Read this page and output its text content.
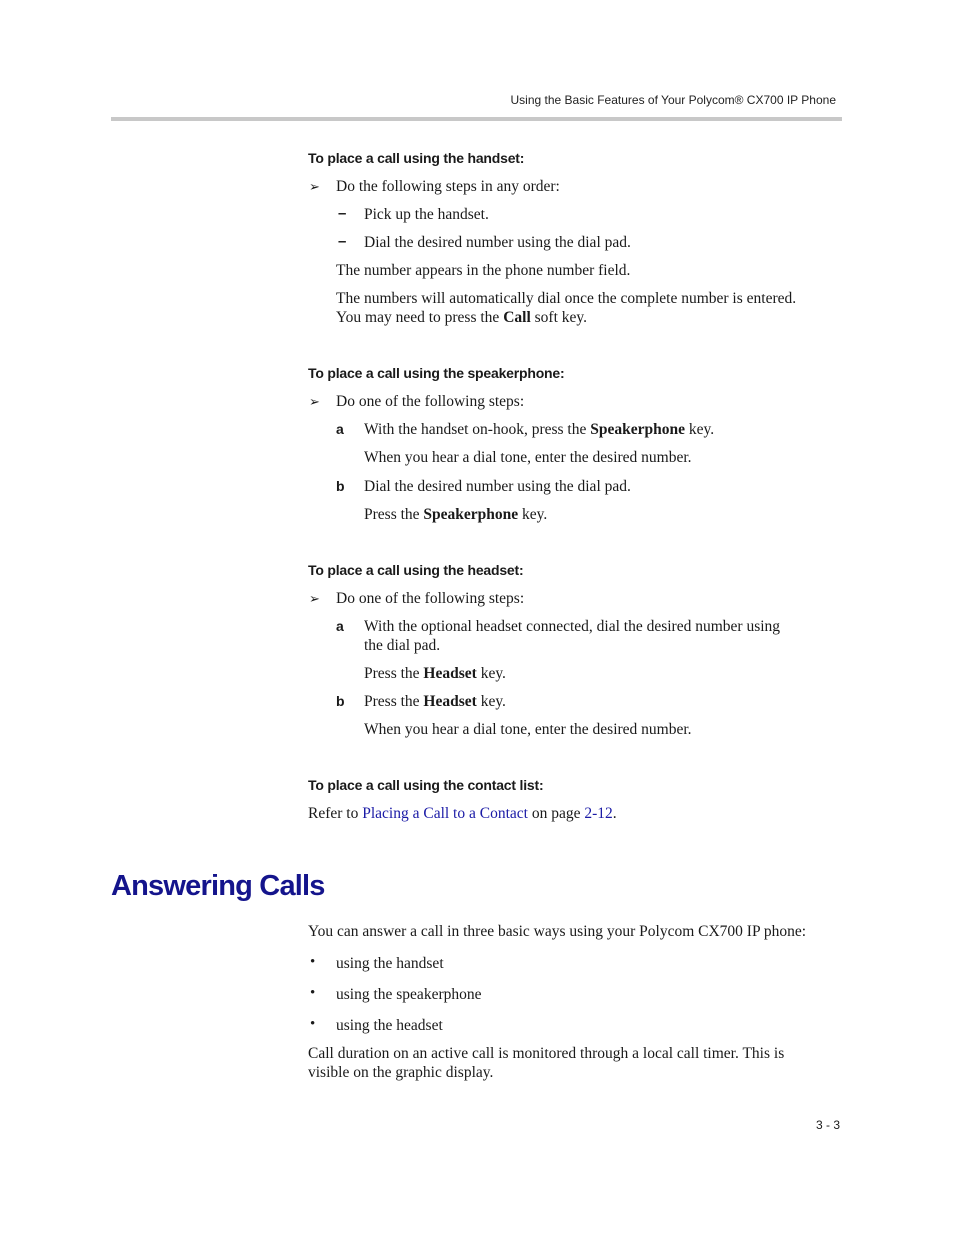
Using the Basic Features of Your Polycom® CX700 IP Phone
To place a call using the handset:
➢ Do the following steps in any order:
– Pick up the handset.
– Dial the desired number using the dial pad.
The number appears in the phone number field.
The numbers will automatically dial once the complete number is entered.
You may need to press the Call soft key.
To place a call using the speakerphone:
➢ Do one of the following steps:
a With the handset on-hook, press the Speakerphone key.
When you hear a dial tone, enter the desired number.
b Dial the desired number using the dial pad.
Press the Speakerphone key.
To place a call using the headset:
➢ Do one of the following steps:
a With the optional headset connected, dial the desired number using
the dial pad.
Press the Headset key.
b Press the Headset key.
When you hear a dial tone, enter the desired number.
To place a call using the contact list:
Refer to Placing a Call to a Contact on page 2-12.
Answering Calls
You can answer a call in three basic ways using your Polycom CX700 IP phone:
• using the handset
• using the speakerphone
• using the headset
Call duration on an active call is monitored through a local call timer. This is
visible on the graphic display.
3 - 3
